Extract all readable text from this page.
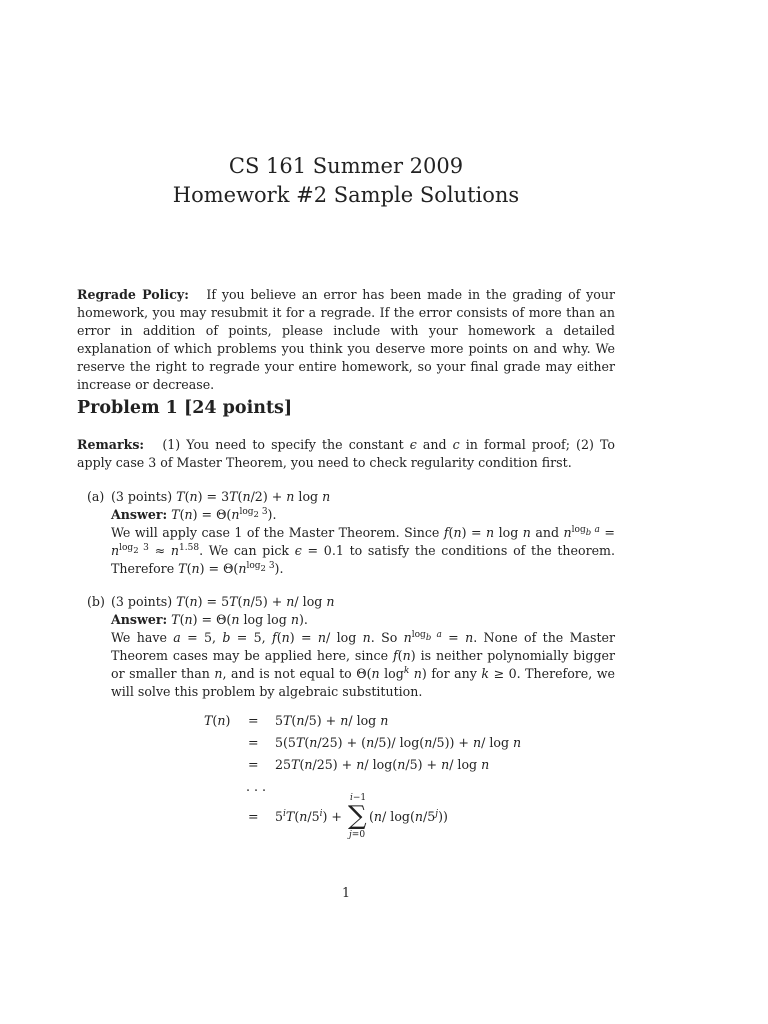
CS 161 Summer 2009
Homework #2 Sample Solutions
Regrade Policy: If you believe an error has been made in the grading of your homework, you may resubmit it for a regrade. If the error consists of more than an error in addition of points, please include with your homework a detailed explanation of which problems you think you deserve more points on and why. We reserve the right to regrade your entire homework, so your final grade may either increase or decrease.
Problem 1 [24 points]
Remarks: (1) You need to specify the constant ϵ and c in formal proof; (2) To apply case 3 of Master Theorem, you need to check regularity condition first.
(a) (3 points) T(n) = 3T(n/2) + n log n
Answer: $T(n) = \Theta(n^{log_2 3})$.
We will apply case 1 of the Master Theorem. Since f(n) = n log n and $n^{log_b a} = n^{log_2 3} \approx n^{1.58}$. We can pick ϵ = 0.1 to satisfy the conditions of the theorem. Therefore $T(n) = \Theta(n^{log_2 3})$.
(b) (3 points) T(n) = 5T(n/5) + n/ log n
Answer: T(n) = Θ(n log log n).
We have a = 5, b = 5, f(n) = n/ log n. So $n^{log_b a} = n$. None of the Master Theorem cases may be applied here, since f(n) is neither polynomially bigger or smaller than n, and is not equal to Θ(n $\log^k n$) for any k ≥ 0. Therefore, we will solve this problem by algebraic substitution.
T(n) = 5T(n/5) + n/ log n
= 5(5T(n/25) + (n/5)/ log(n/5)) + n/ log n
= 25T(n/25) + n/ log(n/5) + n/ log n
. . .
= $5^iT(n/5^i)$ +
i−1
∑
j=0
(n/ log(n/5$^j$))
1
